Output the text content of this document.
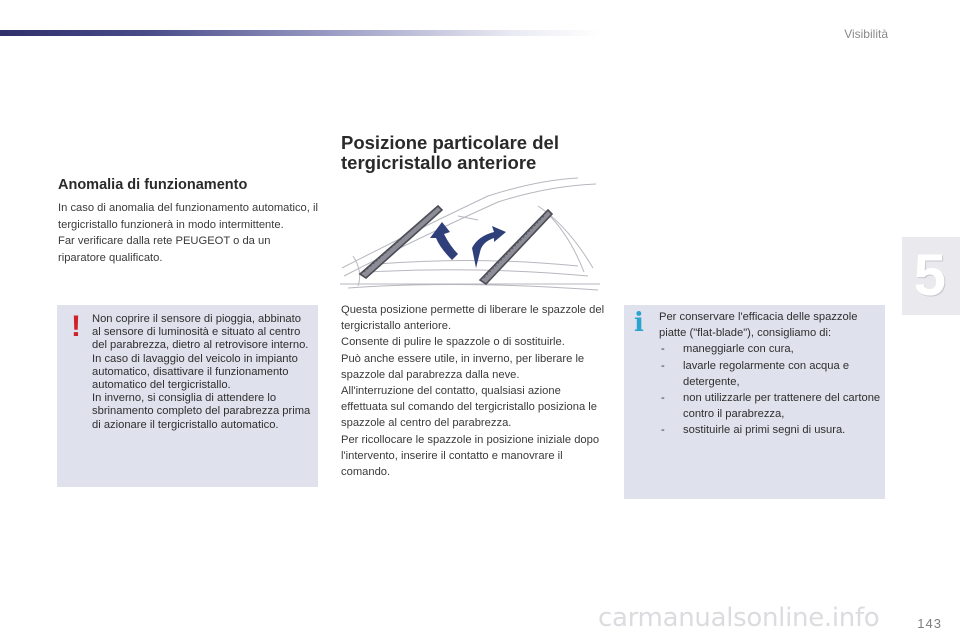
Visibilità
5
Anomalia di funzionamento

In caso di anomalia del funzionamento automatico, il tergicristallo funzionerà in modo intermittente.

Far verificare dalla rete PEUGEOT o da un riparatore qualificato.

! Non coprire il sensore di pioggia, abbinato al sensore di luminosità e situato al centro del parabrezza, dietro al retrovisore interno.

In caso di lavaggio del veicolo in impianto automatico, disattivare il funzionamento automatico del tergicristallo.

In inverno, si consiglia di attendere lo sbrinamento completo del parabrezza prima di azionare il tergicristallo automatico.

Posizione particolare del
tergicristallo anteriore

Questa posizione permette di liberare le spazzole del tergicristallo anteriore.

Consente di pulire le spazzole o di sostituirle.

Può anche essere utile, in inverno, per liberare le spazzole dal parabrezza dalla neve.

All'interruzione del contatto, qualsiasi azione effettuata sul comando del tergicristallo posiziona le spazzole al centro del parabrezza.

Per ricollocare le spazzole in posizione iniziale dopo l'intervento, inserire il contatto e manovrare il comando.

i Per conservare l'efficacia delle spazzole piatte ("flat-blade"), consigliamo di:

- maneggiarle con cura,
- lavarle regolarmente con acqua e detergente,
- non utilizzarle per trattenere del cartone contro il parabrezza,
- sostituirle ai primi segni di usura.
carmanualsonline.info	143
